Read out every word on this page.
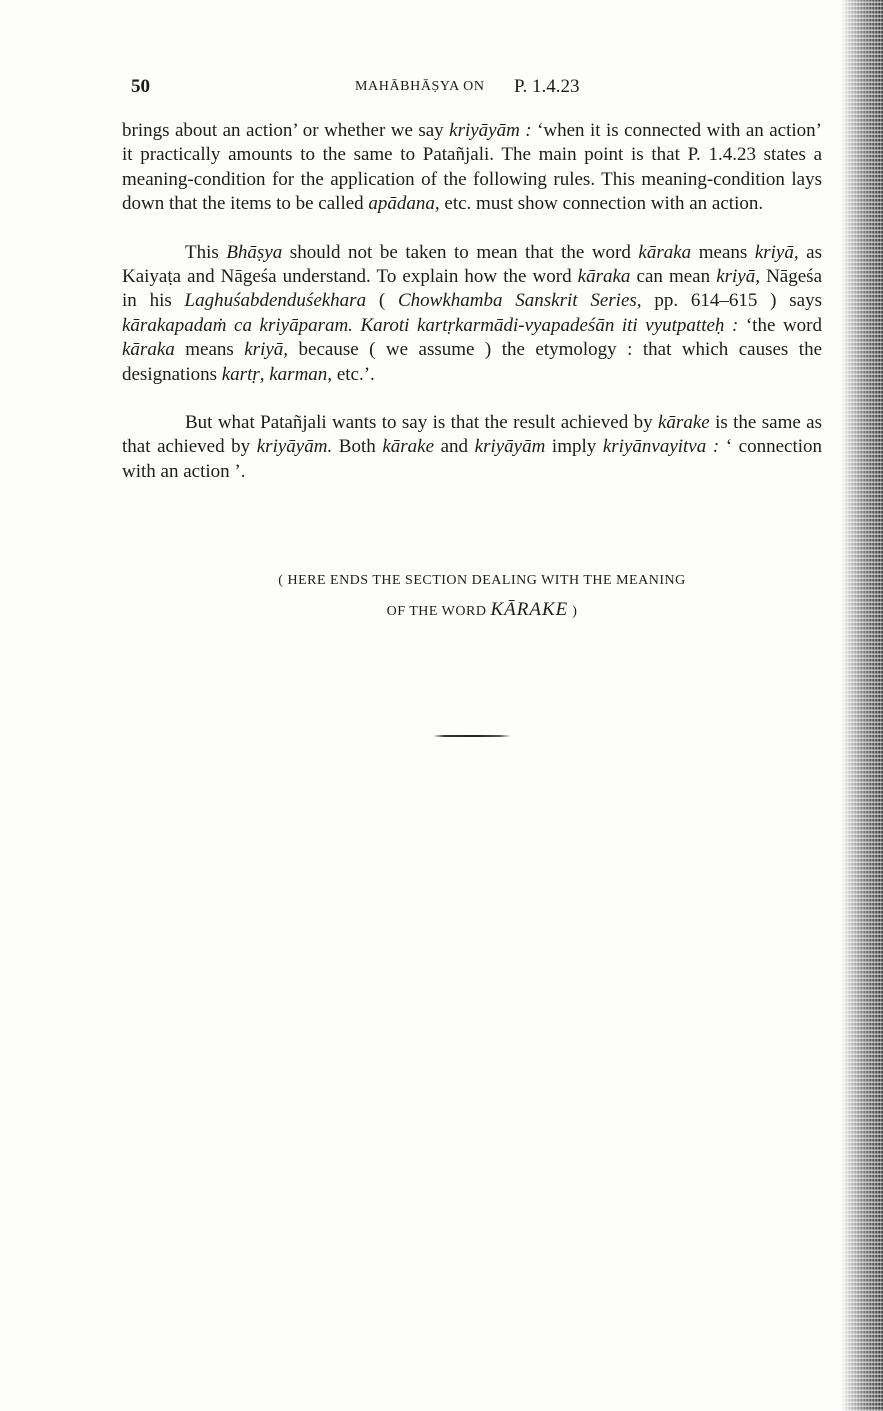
50	MAHĀBHĀṢYA ON P. 1.4.23

brings about an action’ or whether we say kriyāyām : ‘when it is connected with an action’ it practically amounts to the same to Patañjali. The main point is that P. 1.4.23 states a meaning-condition for the application of the following rules. This meaning-condition lays down that the items to be called apādana, etc. must show connection with an action.

This Bhāṣya should not be taken to mean that the word kāraka means kriyā, as Kaiyaṭa and Nāgeśa understand. To explain how the word kāraka can mean kriyā, Nāgeśa in his Laghuśabdenduśekhara ( Chowkhamba Sanskrit Series, pp. 614–615 ) says kārakapadaṁ ca kriyāparam. Karoti kartṛkarmādi-vyapadeśān iti vyutpatteḥ : ‘the word kāraka means kriyā, because ( we assume ) the etymology : that which causes the designations kartṛ, karman, etc.’.

But what Patañjali wants to say is that the result achieved by kārake is the same as that achieved by kriyāyām. Both kārake and kriyāyām imply kriyānvayitva : ‘ connection with an action ’.

( HERE ENDS THE SECTION DEALING WITH THE MEANING
OF THE WORD KĀRAKE )
